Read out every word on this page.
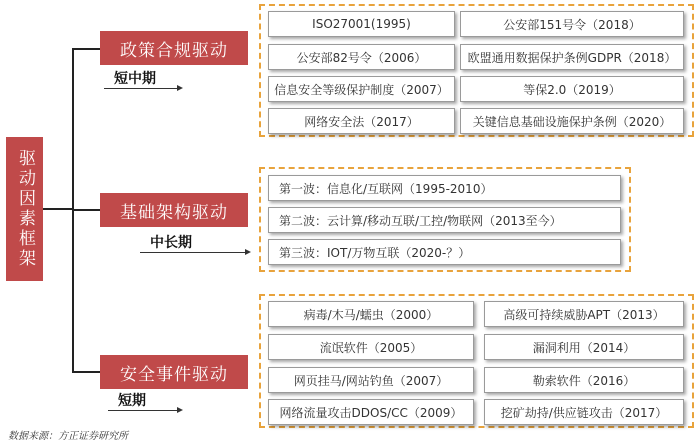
驱动因素框架
政策合规驱动
短中期
基础架构驱动
中长期
安全事件驱动
短期
ISO27001(1995)	公安部151号令（2018）
公安部82号令（2006）	欧盟通用数据保护条例GDPR（2018）
信息安全等级保护制度（2007）	等保2.0（2019）
网络安全法（2017）	关键信息基础设施保护条例（2020）
第一波：信息化/互联网（1995-2010）
第二波：云计算/移动互联/工控/物联网（2013至今）
第三波：IOT/万物互联（2020-？）
病毒/木马/蠕虫（2000）	高级可持续威胁APT（2013）
流氓软件（2005）	漏洞利用（2014）
网页挂马/网站钓鱼（2007）	勒索软件（2016）
网络流量攻击DDOS/CC（2009）	挖矿劫持/供应链攻击（2017）
数据来源：方正证券研究所
